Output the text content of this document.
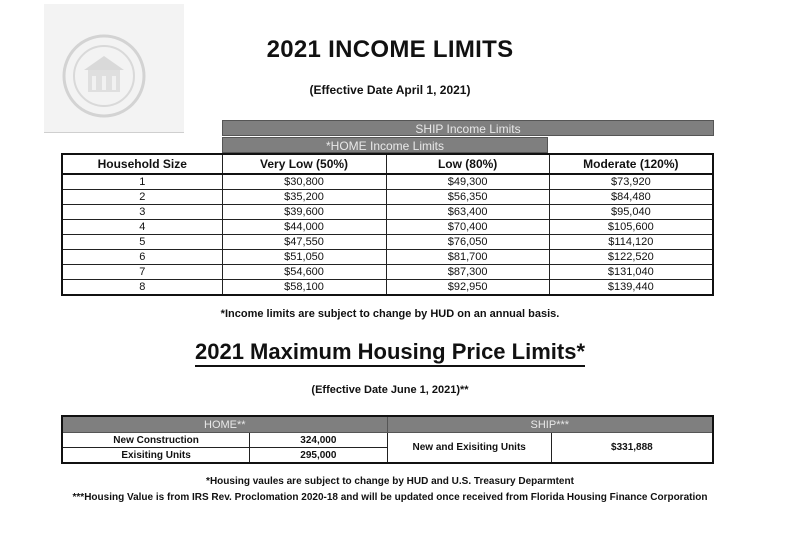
2021 INCOME LIMITS
(Effective Date April 1, 2021)
SHIP Income Limits
*HOME Income Limits
Household Size	Very Low (50%)	Low (80%)	Moderate (120%)
1	$30,800	$49,300	$73,920
2	$35,200	$56,350	$84,480
3	$39,600	$63,400	$95,040
4	$44,000	$70,400	$105,600
5	$47,550	$76,050	$114,120
6	$51,050	$81,700	$122,520
7	$54,600	$87,300	$131,040
8	$58,100	$92,950	$139,440
*Income limits are subject to change by HUD on an annual basis.
2021 Maximum Housing Price Limits*
(Effective Date June 1, 2021)**
HOME**		SHIP***	
New Construction	324,000	New and Exisiting Units	$331,888
Exisiting Units	295,000		
*Housing vaules are subject to change by HUD and U.S. Treasury Deparmtent
***Housing Value is from IRS Rev. Proclomation 2020-18 and will be updated once received from Florida Housing Finance Corporation
